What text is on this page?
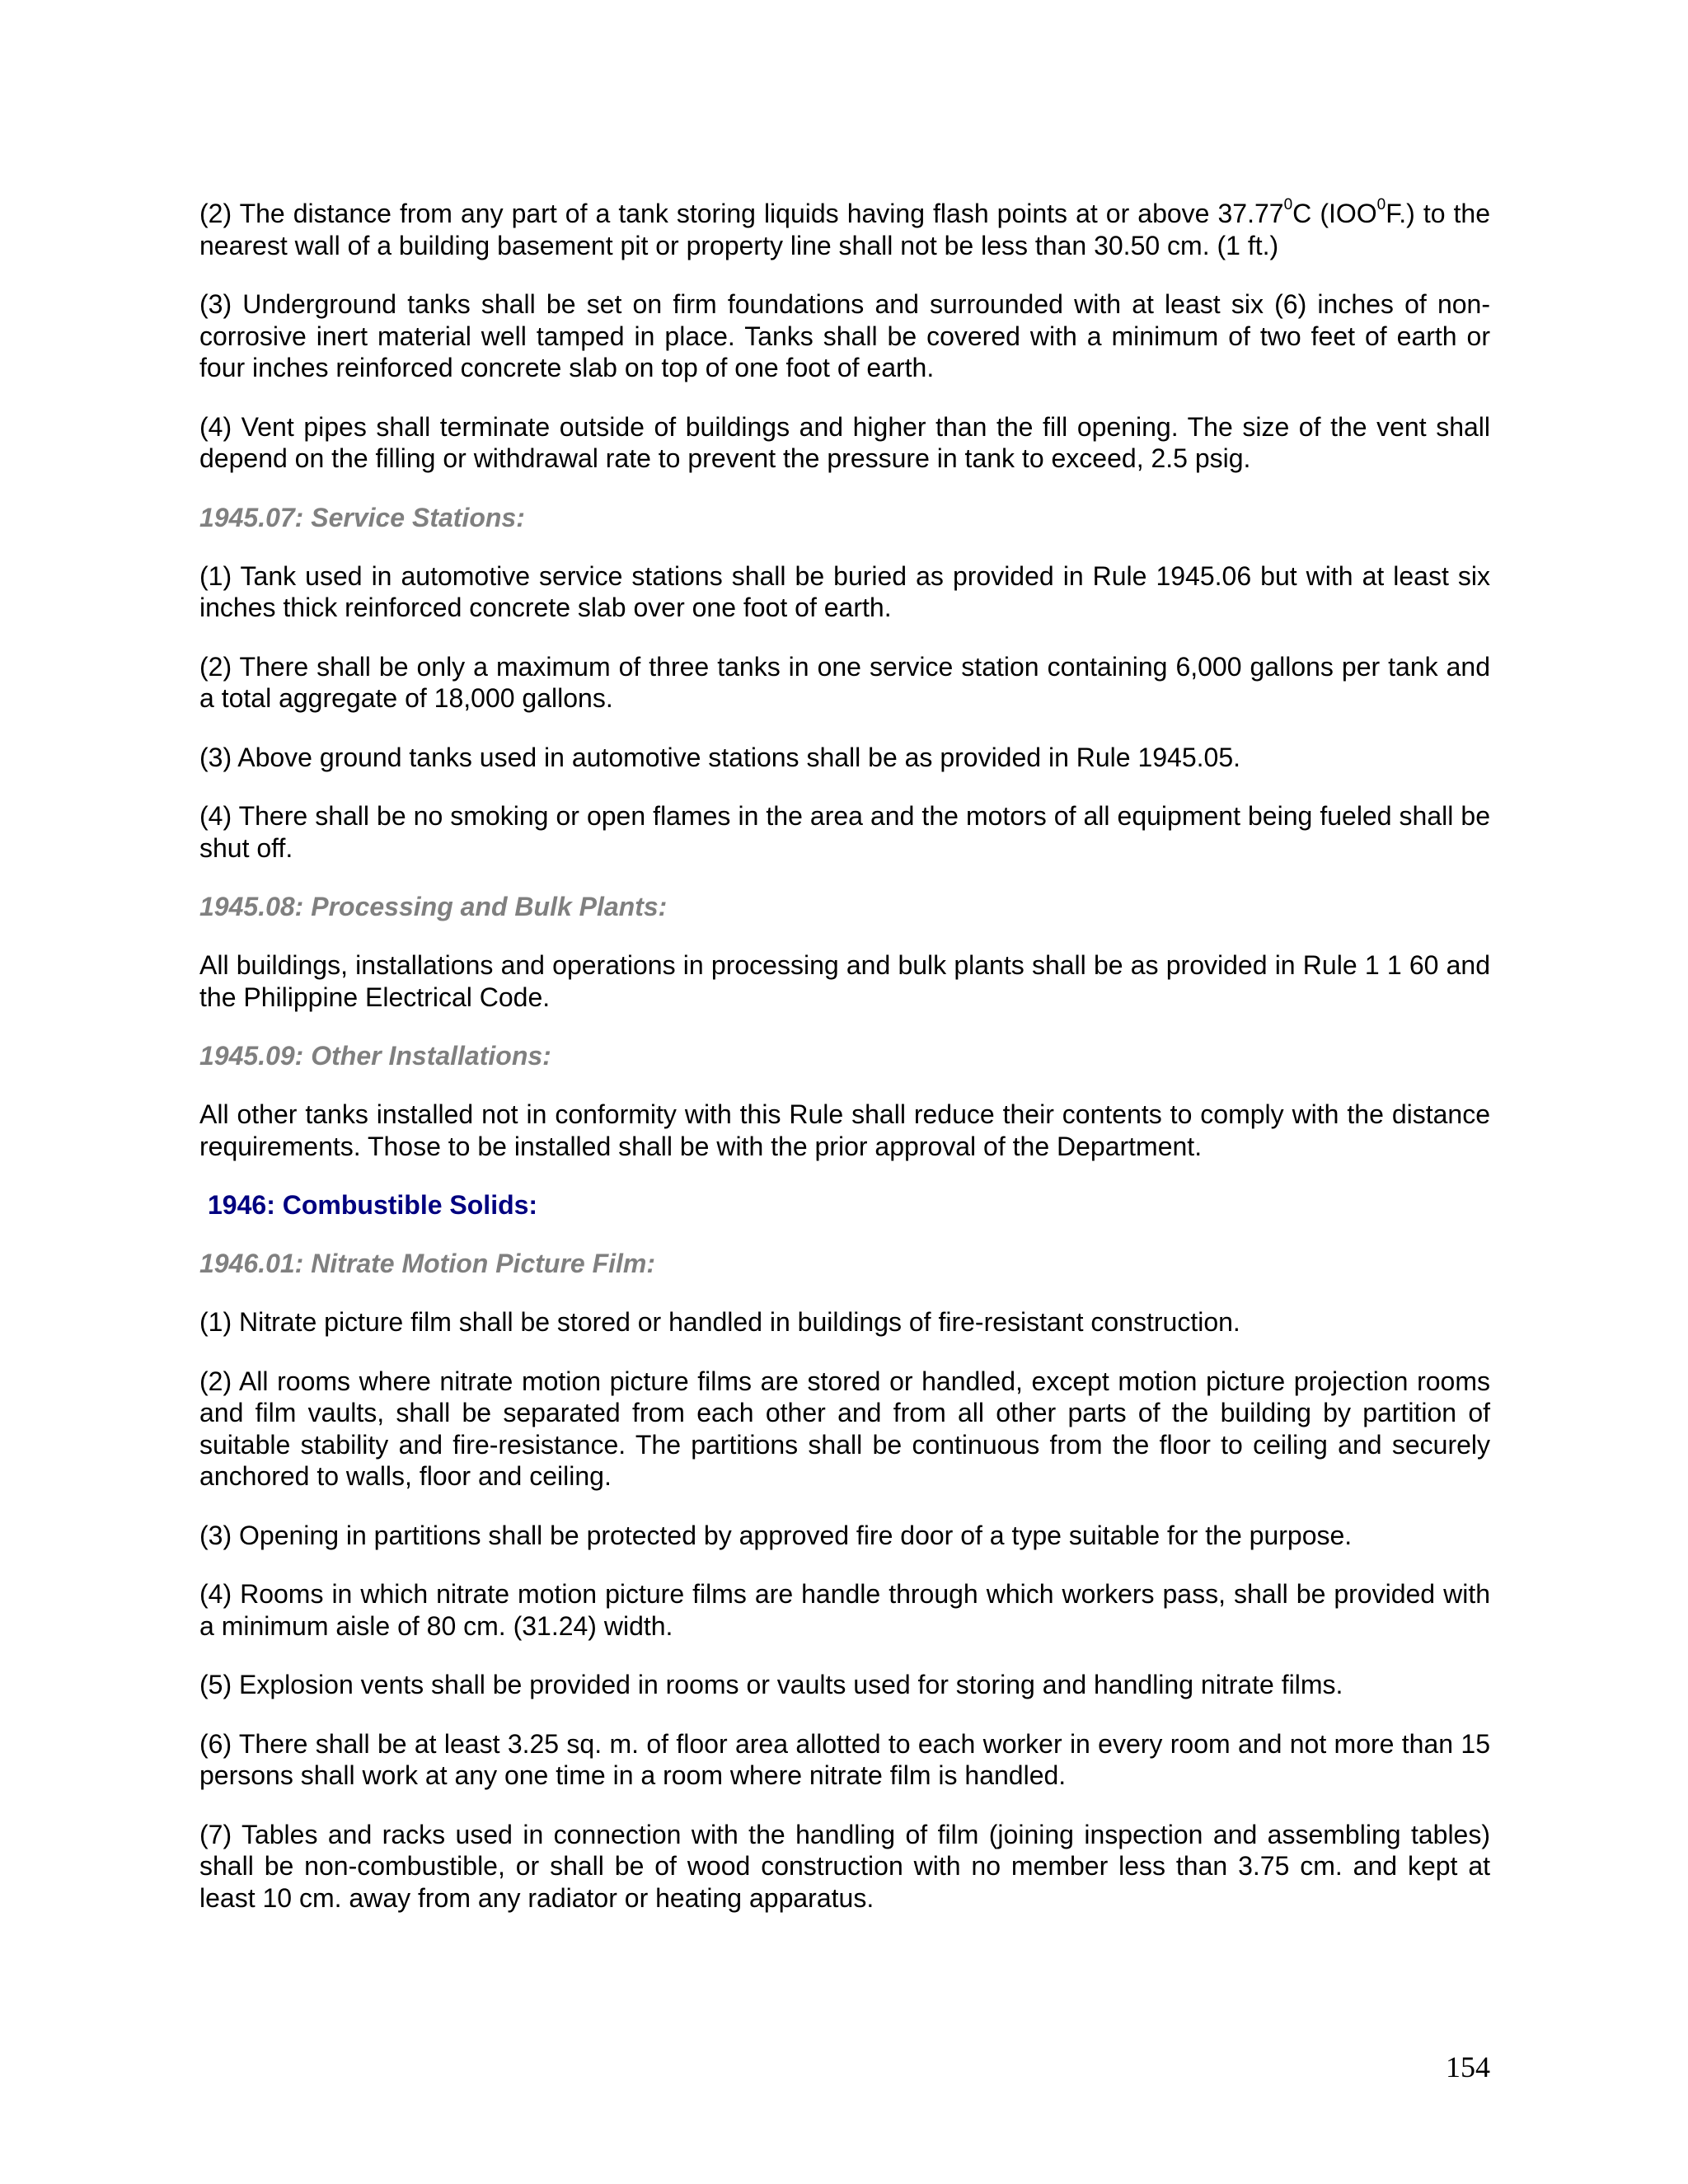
(2) The distance from any part of a tank storing liquids having flash points at or above 37.77$^0$C (IOO$^0$F.) to the nearest wall of a building basement pit or property line shall not be less than 30.50 cm. (1 ft.)

(3) Underground tanks shall be set on firm foundations and surrounded with at least six (6) inches of non-corrosive inert material well tamped in place. Tanks shall be covered with a minimum of two feet of earth or four inches reinforced concrete slab on top of one foot of earth.

(4) Vent pipes shall terminate outside of buildings and higher than the fill opening. The size of the vent shall depend on the filling or withdrawal rate to prevent the pressure in tank to exceed, 2.5 psig.

1945.07: Service Stations:

(1) Tank used in automotive service stations shall be buried as provided in Rule 1945.06 but with at least six inches thick reinforced concrete slab over one foot of earth.

(2) There shall be only a maximum of three tanks in one service station containing 6,000 gallons per tank and a total aggregate of 18,000 gallons.

(3) Above ground tanks used in automotive stations shall be as provided in Rule 1945.05.

(4) There shall be no smoking or open flames in the area and the motors of all equipment being fueled shall be shut off.

1945.08: Processing and Bulk Plants:

All buildings, installations and operations in processing and bulk plants shall be as provided in Rule 1 1 60 and the Philippine Electrical Code.

1945.09: Other Installations:

All other tanks installed not in conformity with this Rule shall reduce their contents to comply with the distance requirements. Those to be installed shall be with the prior approval of the Department.

1946: Combustible Solids:

1946.01: Nitrate Motion Picture Film:

(1) Nitrate picture film shall be stored or handled in buildings of fire-resistant construction.

(2) All rooms where nitrate motion picture films are stored or handled, except motion picture projection rooms and film vaults, shall be separated from each other and from all other parts of the building by partition of suitable stability and fire-resistance. The partitions shall be continuous from the floor to ceiling and securely anchored to walls, floor and ceiling.

(3) Opening in partitions shall be protected by approved fire door of a type suitable for the purpose.

(4) Rooms in which nitrate motion picture films are handle through which workers pass, shall be provided with a minimum aisle of 80 cm. (31.24) width.

(5) Explosion vents shall be provided in rooms or vaults used for storing and handling nitrate films.

(6) There shall be at least 3.25 sq. m. of floor area allotted to each worker in every room and not more than 15 persons shall work at any one time in a room where nitrate film is handled.

(7) Tables and racks used in connection with the handling of film (joining inspection and assembling tables) shall be non-combustible, or shall be of wood construction with no member less than 3.75 cm. and kept at least 10 cm. away from any radiator or heating apparatus.

154
